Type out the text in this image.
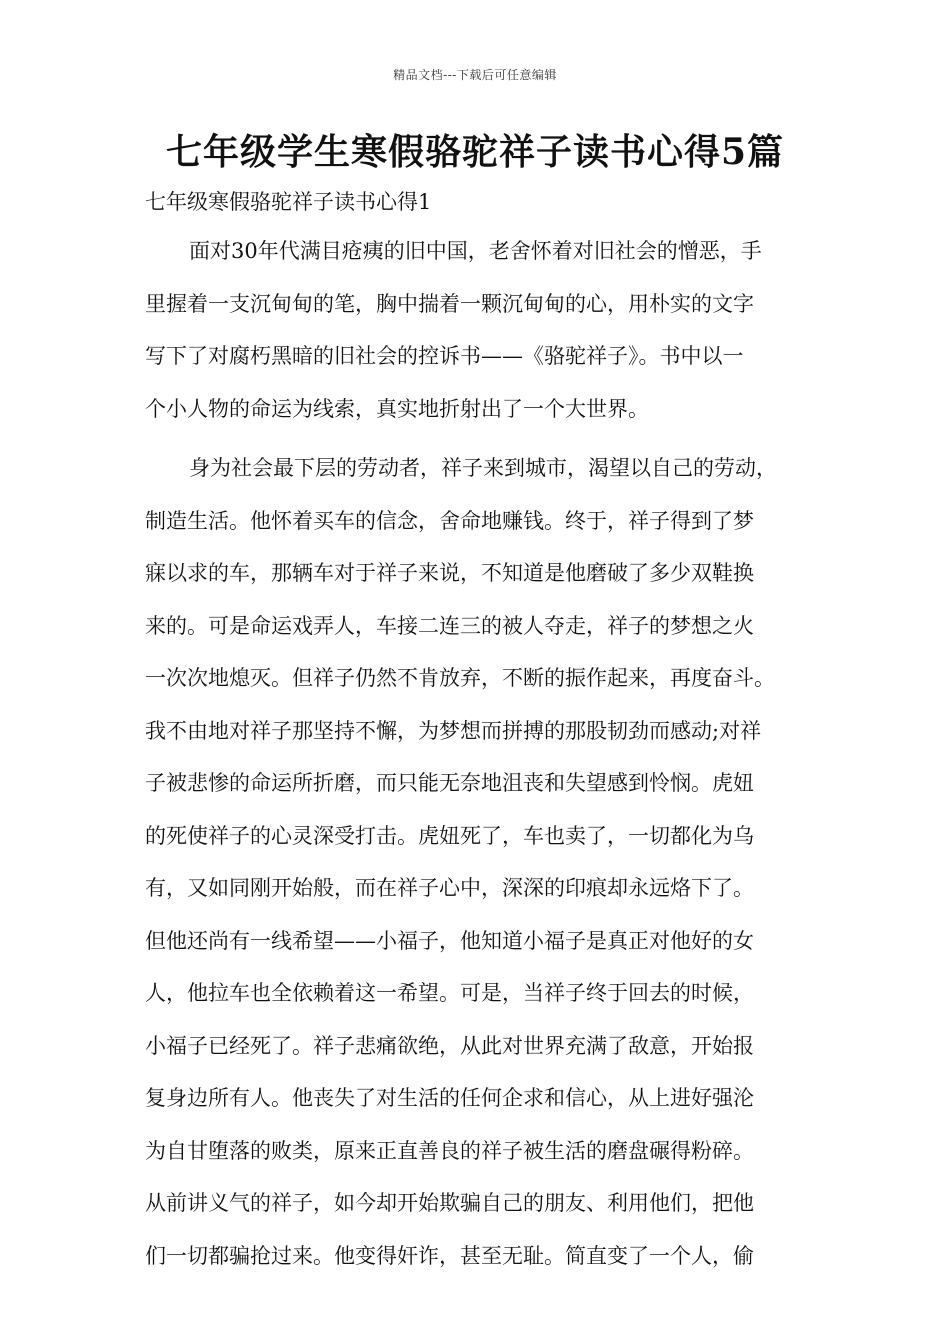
精品文档---下载后可任意编辑
七年级学生寒假骆驼祥子读书心得5篇
七年级寒假骆驼祥子读书心得1
面对30年代满目疮痍的旧中国，老舍怀着对旧社会的憎恶，手
里握着一支沉甸甸的笔，胸中揣着一颗沉甸甸的心，用朴实的文字
写下了对腐朽黑暗的旧社会的控诉书——《骆驼祥子》。书中以一
个小人物的命运为线索，真实地折射出了一个大世界。
身为社会最下层的劳动者，祥子来到城市，渴望以自己的劳动，
制造生活。他怀着买车的信念，舍命地赚钱。终于，祥子得到了梦
寐以求的车，那辆车对于祥子来说，不知道是他磨破了多少双鞋换
来的。可是命运戏弄人，车接二连三的被人夺走，祥子的梦想之火
一次次地熄灭。但祥子仍然不肯放弃，不断的振作起来，再度奋斗。
我不由地对祥子那坚持不懈，为梦想而拼搏的那股韧劲而感动;对祥
子被悲惨的命运所折磨，而只能无奈地沮丧和失望感到怜悯。虎妞
的死使祥子的心灵深受打击。虎妞死了，车也卖了，一切都化为乌
有，又如同刚开始般，而在祥子心中，深深的印痕却永远烙下了。
但他还尚有一线希望——小福子，他知道小福子是真正对他好的女
人，他拉车也全依赖着这一希望。可是，当祥子终于回去的时候，
小福子已经死了。祥子悲痛欲绝，从此对世界充满了敌意，开始报
复身边所有人。他丧失了对生活的任何企求和信心，从上进好强沦
为自甘堕落的败类，原来正直善良的祥子被生活的磨盘碾得粉碎。
从前讲义气的祥子，如今却开始欺骗自己的朋友、利用他们，把他
们一切都骗抢过来。他变得奸诈，甚至无耻。简直变了一个人，偷
